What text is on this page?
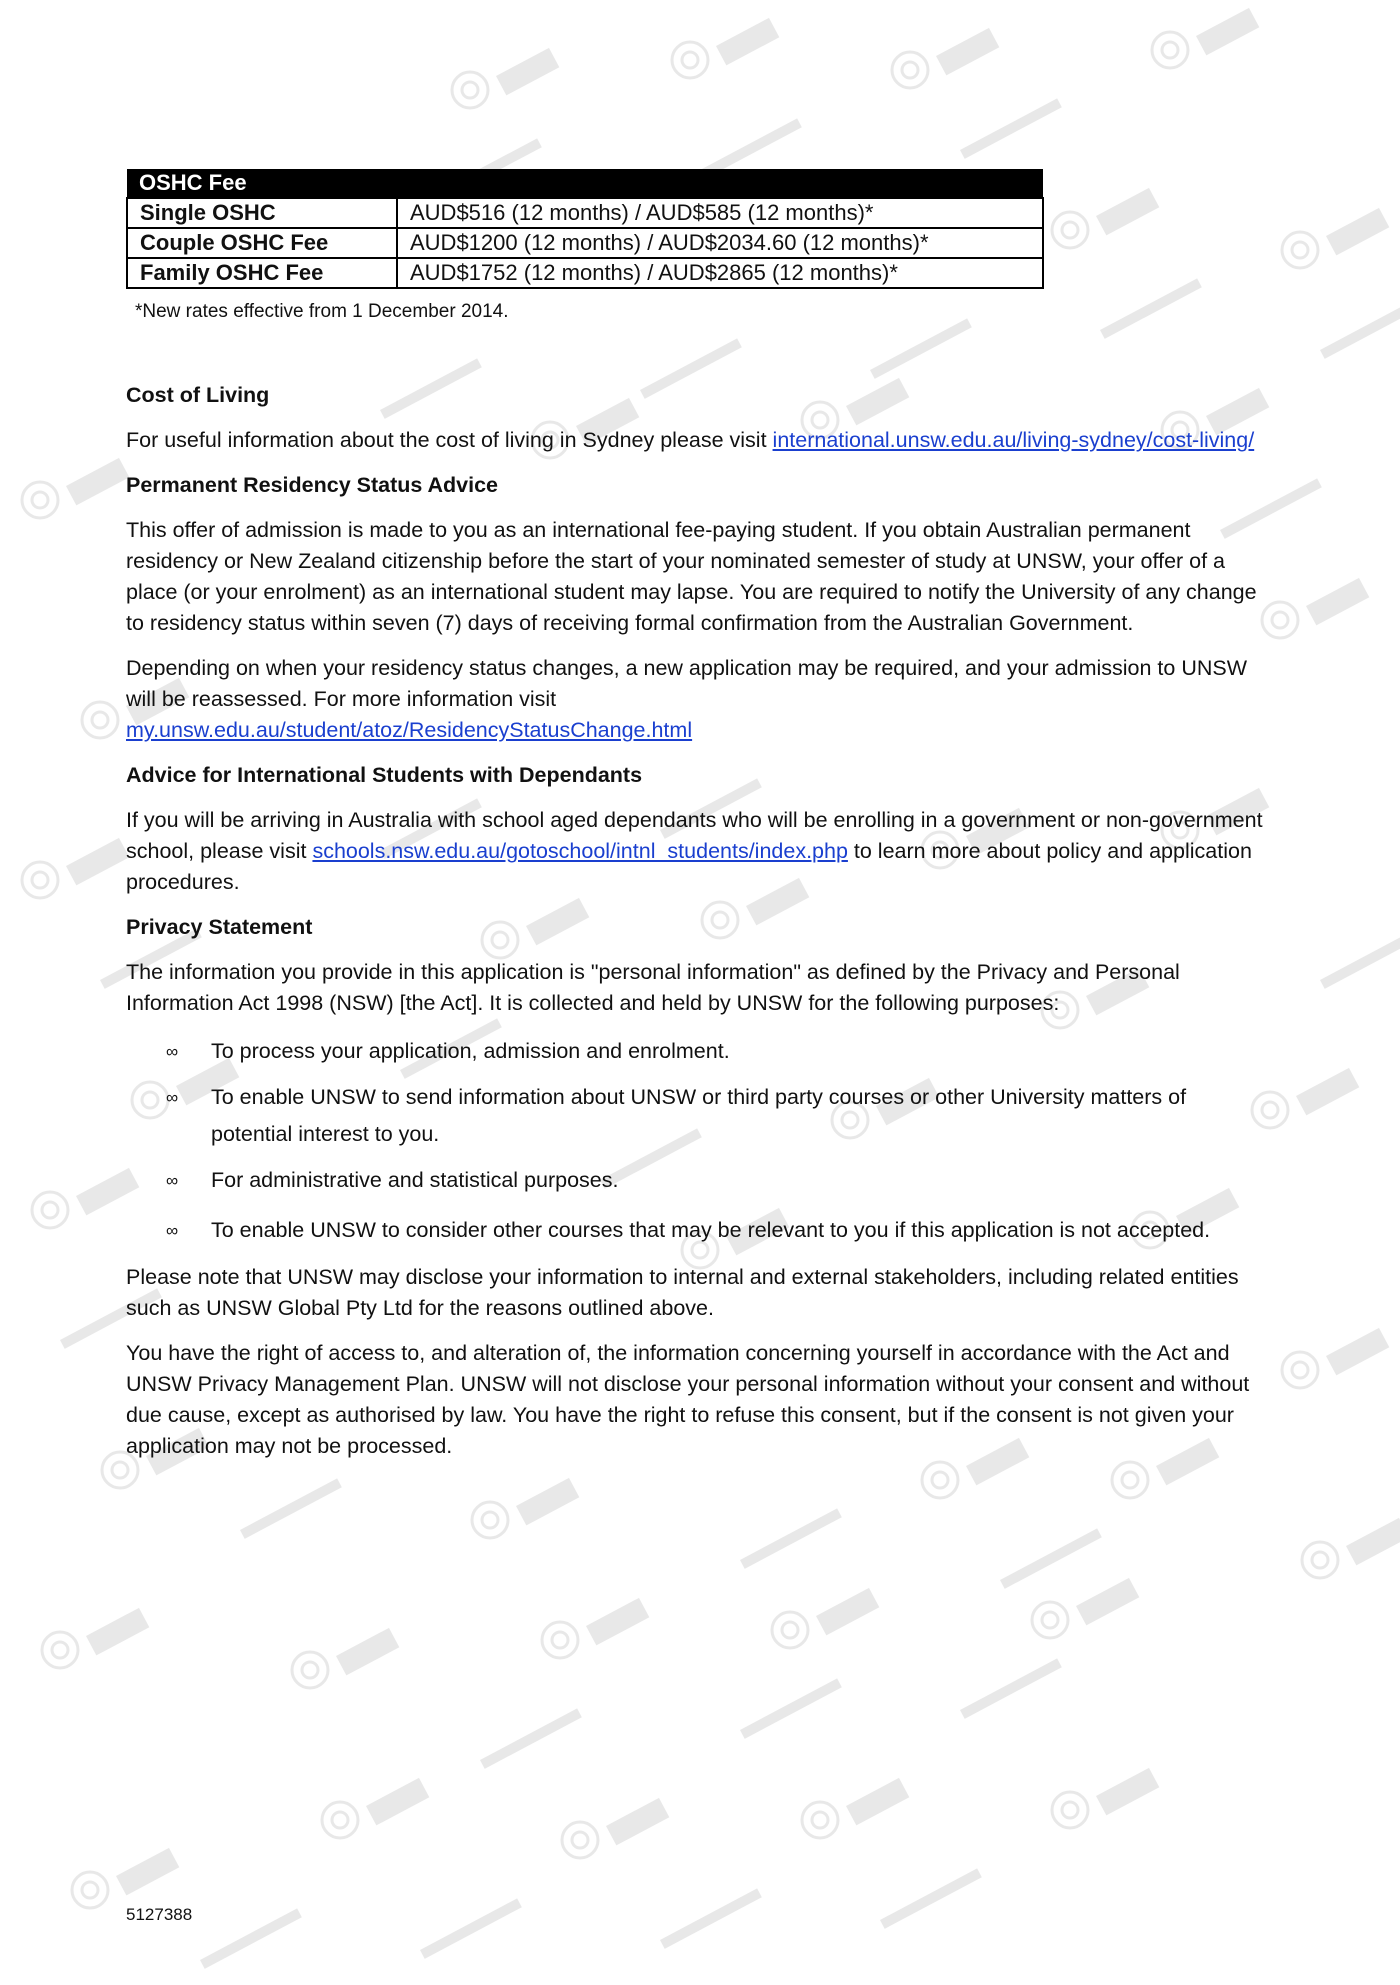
OSHC Fee	
Single OSHC	AUD$516 (12 months) / AUD$585 (12 months)*
Couple OSHC Fee	AUD$1200 (12 months) / AUD$2034.60 (12 months)*
Family OSHC Fee	AUD$1752 (12 months) / AUD$2865 (12 months)*
*New rates effective from 1 December 2014.
Cost of Living

For useful information about the cost of living in Sydney please visit international.unsw.edu.au/living-sydney/cost-living/

Permanent Residency Status Advice

This offer of admission is made to you as an international fee-paying student. If you obtain Australian permanent residency or New Zealand citizenship before the start of your nominated semester of study at UNSW, your offer of a place (or your enrolment) as an international student may lapse. You are required to notify the University of any change to residency status within seven (7) days of receiving formal confirmation from the Australian Government.

Depending on when your residency status changes, a new application may be required, and your admission to UNSW will be reassessed. For more information visit
my.unsw.edu.au/student/atoz/ResidencyStatusChange.html

Advice for International Students with Dependants

If you will be arriving in Australia with school aged dependants who will be enrolling in a government or non-government school, please visit schools.nsw.edu.au/gotoschool/intnl_students/index.php to learn more about policy and application procedures.

Privacy Statement

The information you provide in this application is "personal information" as defined by the Privacy and Personal Information Act 1998 (NSW) [the Act]. It is collected and held by UNSW for the following purposes:

∞ To process your application, admission and enrolment.
∞ To enable UNSW to send information about UNSW or third party courses or other University matters of potential interest to you.
∞ For administrative and statistical purposes.
∞ To enable UNSW to consider other courses that may be relevant to you if this application is not accepted.

Please note that UNSW may disclose your information to internal and external stakeholders, including related entities such as UNSW Global Pty Ltd for the reasons outlined above.

You have the right of access to, and alteration of, the information concerning yourself in accordance with the Act and UNSW Privacy Management Plan. UNSW will not disclose your personal information without your consent and without due cause, except as authorised by law. You have the right to refuse this consent, but if the consent is not given your application may not be processed.

5127388
